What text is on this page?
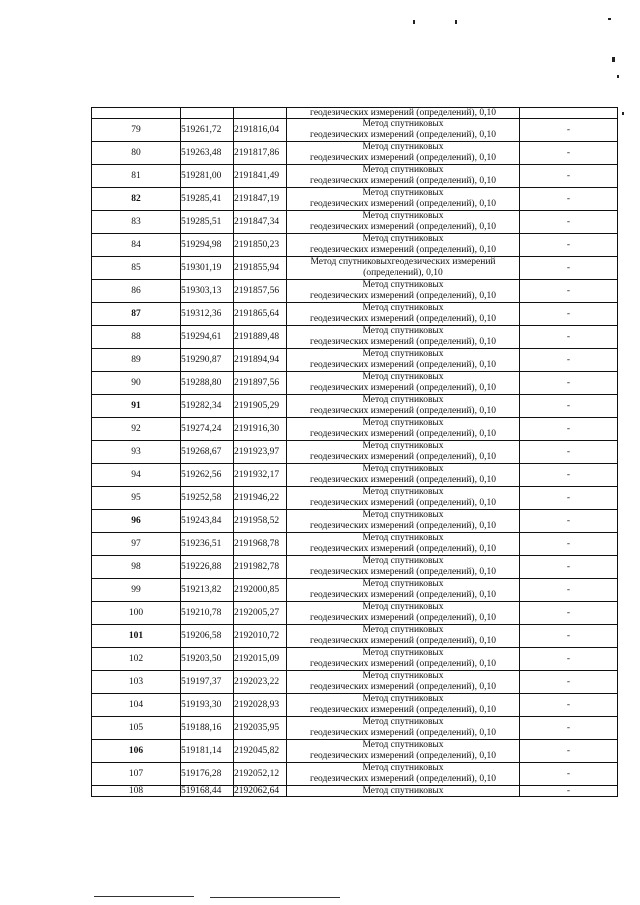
			геодезических измерений (определений), 0,10	
79	519261,72	2191816,04	Метод спутниковых
геодезических измерений (определений), 0,10	-
80	519263,48	2191817,86	Метод спутниковых
геодезических измерений (определений), 0,10	-
81	519281,00	2191841,49	Метод спутниковых
геодезических измерений (определений), 0,10	-
82	519285,41	2191847,19	Метод спутниковых
геодезических измерений (определений), 0,10	-
83	519285,51	2191847,34	Метод спутниковых
геодезических измерений (определений), 0,10	-
84	519294,98	2191850,23	Метод спутниковых
геодезических измерений (определений), 0,10	-
85	519301,19	2191855,94	Метод спутниковыхгеодезических измерений
(определений), 0,10	-
86	519303,13	2191857,56	Метод спутниковых
геодезических измерений (определений), 0,10	-
87	519312,36	2191865,64	Метод спутниковых
геодезических измерений (определений), 0,10	-
88	519294,61	2191889,48	Метод спутниковых
геодезических измерений (определений), 0,10	-
89	519290,87	2191894,94	Метод спутниковых
геодезических измерений (определений), 0,10	-
90	519288,80	2191897,56	Метод спутниковых
геодезических измерений (определений), 0,10	-
91	519282,34	2191905,29	Метод спутниковых
геодезических измерений (определений), 0,10	-
92	519274,24	2191916,30	Метод спутниковых
геодезических измерений (определений), 0,10	-
93	519268,67	2191923,97	Метод спутниковых
геодезических измерений (определений), 0,10	-
94	519262,56	2191932,17	Метод спутниковых
геодезических измерений (определений), 0,10	-
95	519252,58	2191946,22	Метод спутниковых
геодезических измерений (определений), 0,10	-
96	519243,84	2191958,52	Метод спутниковых
геодезических измерений (определений), 0,10	-
97	519236,51	2191968,78	Метод спутниковых
геодезических измерений (определений), 0,10	-
98	519226,88	2191982,78	Метод спутниковых
геодезических измерений (определений), 0,10	-
99	519213,82	2192000,85	Метод спутниковых
геодезических измерений (определений), 0,10	-
100	519210,78	2192005,27	Метод спутниковых
геодезических измерений (определений), 0,10	-
101	519206,58	2192010,72	Метод спутниковых
геодезических измерений (определений), 0,10	-
102	519203,50	2192015,09	Метод спутниковых
геодезических измерений (определений), 0,10	-
103	519197,37	2192023,22	Метод спутниковых
геодезических измерений (определений), 0,10	-
104	519193,30	2192028,93	Метод спутниковых
геодезических измерений (определений), 0,10	-
105	519188,16	2192035,95	Метод спутниковых
геодезических измерений (определений), 0,10	-
106	519181,14	2192045,82	Метод спутниковых
геодезических измерений (определений), 0,10	-
107	519176,28	2192052,12	Метод спутниковых
геодезических измерений (определений), 0,10	-
108	519168,44	2192062,64	Метод спутниковых	-
